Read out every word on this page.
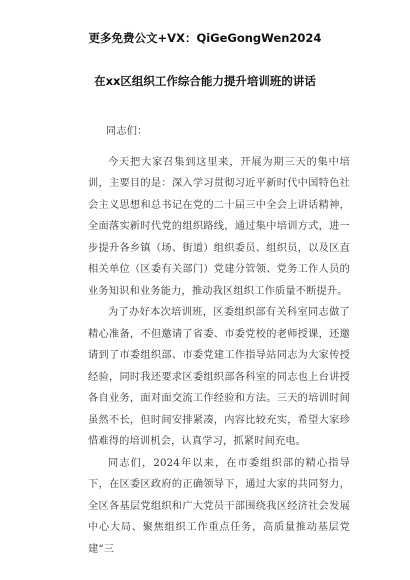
更多免费公文+VX：QiGeGongWen2024
在xx区组织工作综合能力提升培训班的讲话

同志们：

今天把大家召集到这里来，开展为期三天的集中培训，主要目的是：深入学习贯彻习近平新时代中国特色社会主义思想和总书记在党的二十届三中全会上讲话精神，全面落实新时代党的组织路线，通过集中培训方式，进一步提升各乡镇（场、街道）组织委员、组织员，以及区直相关单位（区委有关部门）党建分管领、党务工作人员的业务知识和业务能力，推动我区组织工作质量不断提升。

为了办好本次培训班，区委组织部有关科室同志做了精心准备，不但邀请了省委、市委党校的老师授课，还邀请到了市委组织部、市委党建工作指导站同志为大家传授经验，同时我还要求区委组织部各科室的同志也上台讲授各自业务，面对面交流工作经验和方法。三天的培训时间虽然不长，但时间安排紧凑，内容比较充实，希望大家珍惜难得的培训机会，认真学习，抓紧时间充电。

同志们，2024年以来，在市委组织部的精心指导下，在区委区政府的正确领导下，通过大家的共同努力，全区各基层党组织和广大党员干部围绕我区经济社会发展中心大局、聚焦组织工作重点任务，高质量推动基层党建“三
